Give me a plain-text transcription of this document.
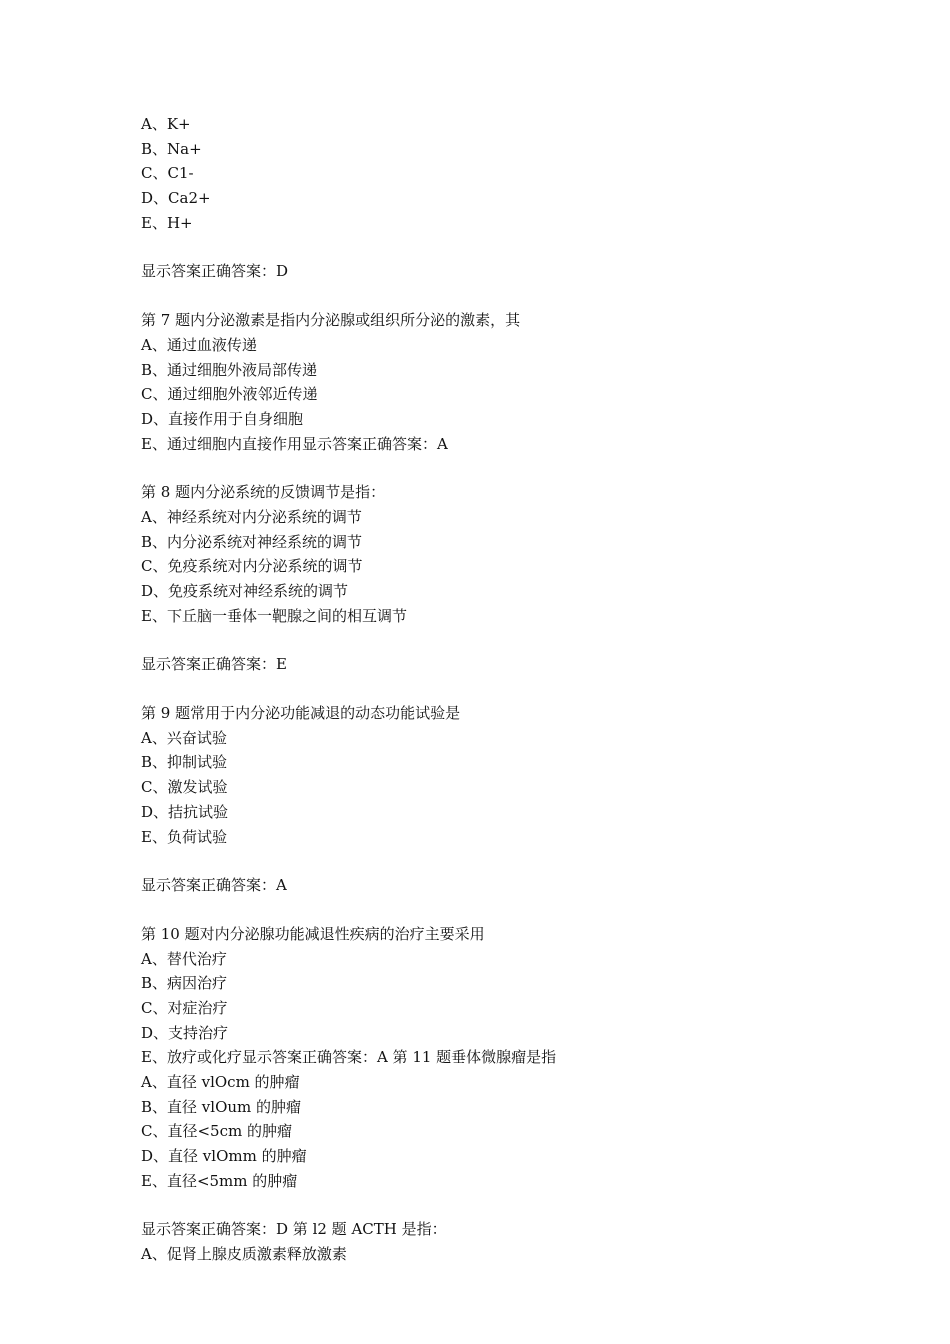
A、K+
B、Na+
C、C1-
D、Ca2+
E、H+
显示答案正确答案：D
第 7 题内分泌激素是指内分泌腺或组织所分泌的激素，其
A、通过血液传递
B、通过细胞外液局部传递
C、通过细胞外液邻近传递
D、直接作用于自身细胞
E、通过细胞内直接作用显示答案正确答案：A
第 8 题内分泌系统的反馈调节是指：
A、神经系统对内分泌系统的调节
B、内分泌系统对神经系统的调节
C、免疫系统对内分泌系统的调节
D、免疫系统对神经系统的调节
E、下丘脑一垂体一靶腺之间的相互调节
显示答案正确答案：E
第 9 题常用于内分泌功能减退的动态功能试验是
A、兴奋试验
B、抑制试验
C、激发试验
D、拮抗试验
E、负荷试验
显示答案正确答案：A
第 10 题对内分泌腺功能减退性疾病的治疗主要采用
A、替代治疗
B、病因治疗
C、对症治疗
D、支持治疗
E、放疗或化疗显示答案正确答案：A 第 11 题垂体微腺瘤是指
A、直径 vlOcm 的肿瘤
B、直径 vlOum 的肿瘤
C、直径<5cm 的肿瘤
D、直径 vlOmm 的肿瘤
E、直径<5mm 的肿瘤
显示答案正确答案：D 第 l2 题 ACTH 是指：
A、促肾上腺皮质激素释放激素
